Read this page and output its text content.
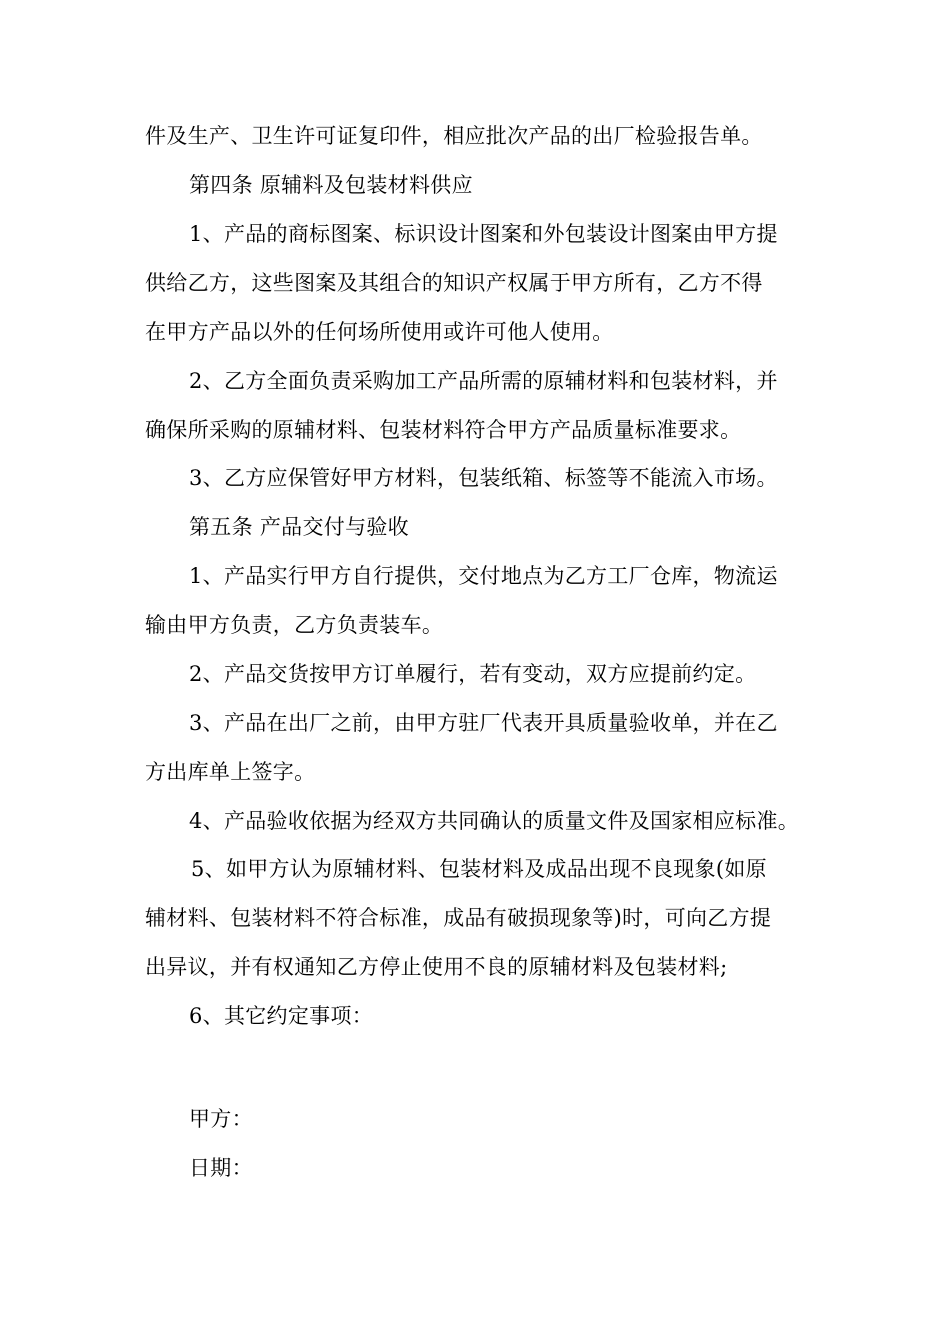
件及生产、卫生许可证复印件，相应批次产品的出厂检验报告单。
第四条 原辅料及包装材料供应
1、产品的商标图案、标识设计图案和外包装设计图案由甲方提
供给乙方，这些图案及其组合的知识产权属于甲方所有，乙方不得
在甲方产品以外的任何场所使用或许可他人使用。
2、乙方全面负责采购加工产品所需的原辅材料和包装材料，并
确保所采购的原辅材料、包装材料符合甲方产品质量标准要求。
3、乙方应保管好甲方材料，包装纸箱、标签等不能流入市场。
第五条 产品交付与验收
1、产品实行甲方自行提供，交付地点为乙方工厂仓库，物流运
输由甲方负责，乙方负责装车。
2、产品交货按甲方订单履行，若有变动，双方应提前约定。
3、产品在出厂之前，由甲方驻厂代表开具质量验收单，并在乙
方出库单上签字。
4、产品验收依据为经双方共同确认的质量文件及国家相应标准。
5、如甲方认为原辅材料、包装材料及成品出现不良现象(如原
辅材料、包装材料不符合标准，成品有破损现象等)时，可向乙方提
出异议，并有权通知乙方停止使用不良的原辅材料及包装材料;
6、其它约定事项：
甲方：
日期：
